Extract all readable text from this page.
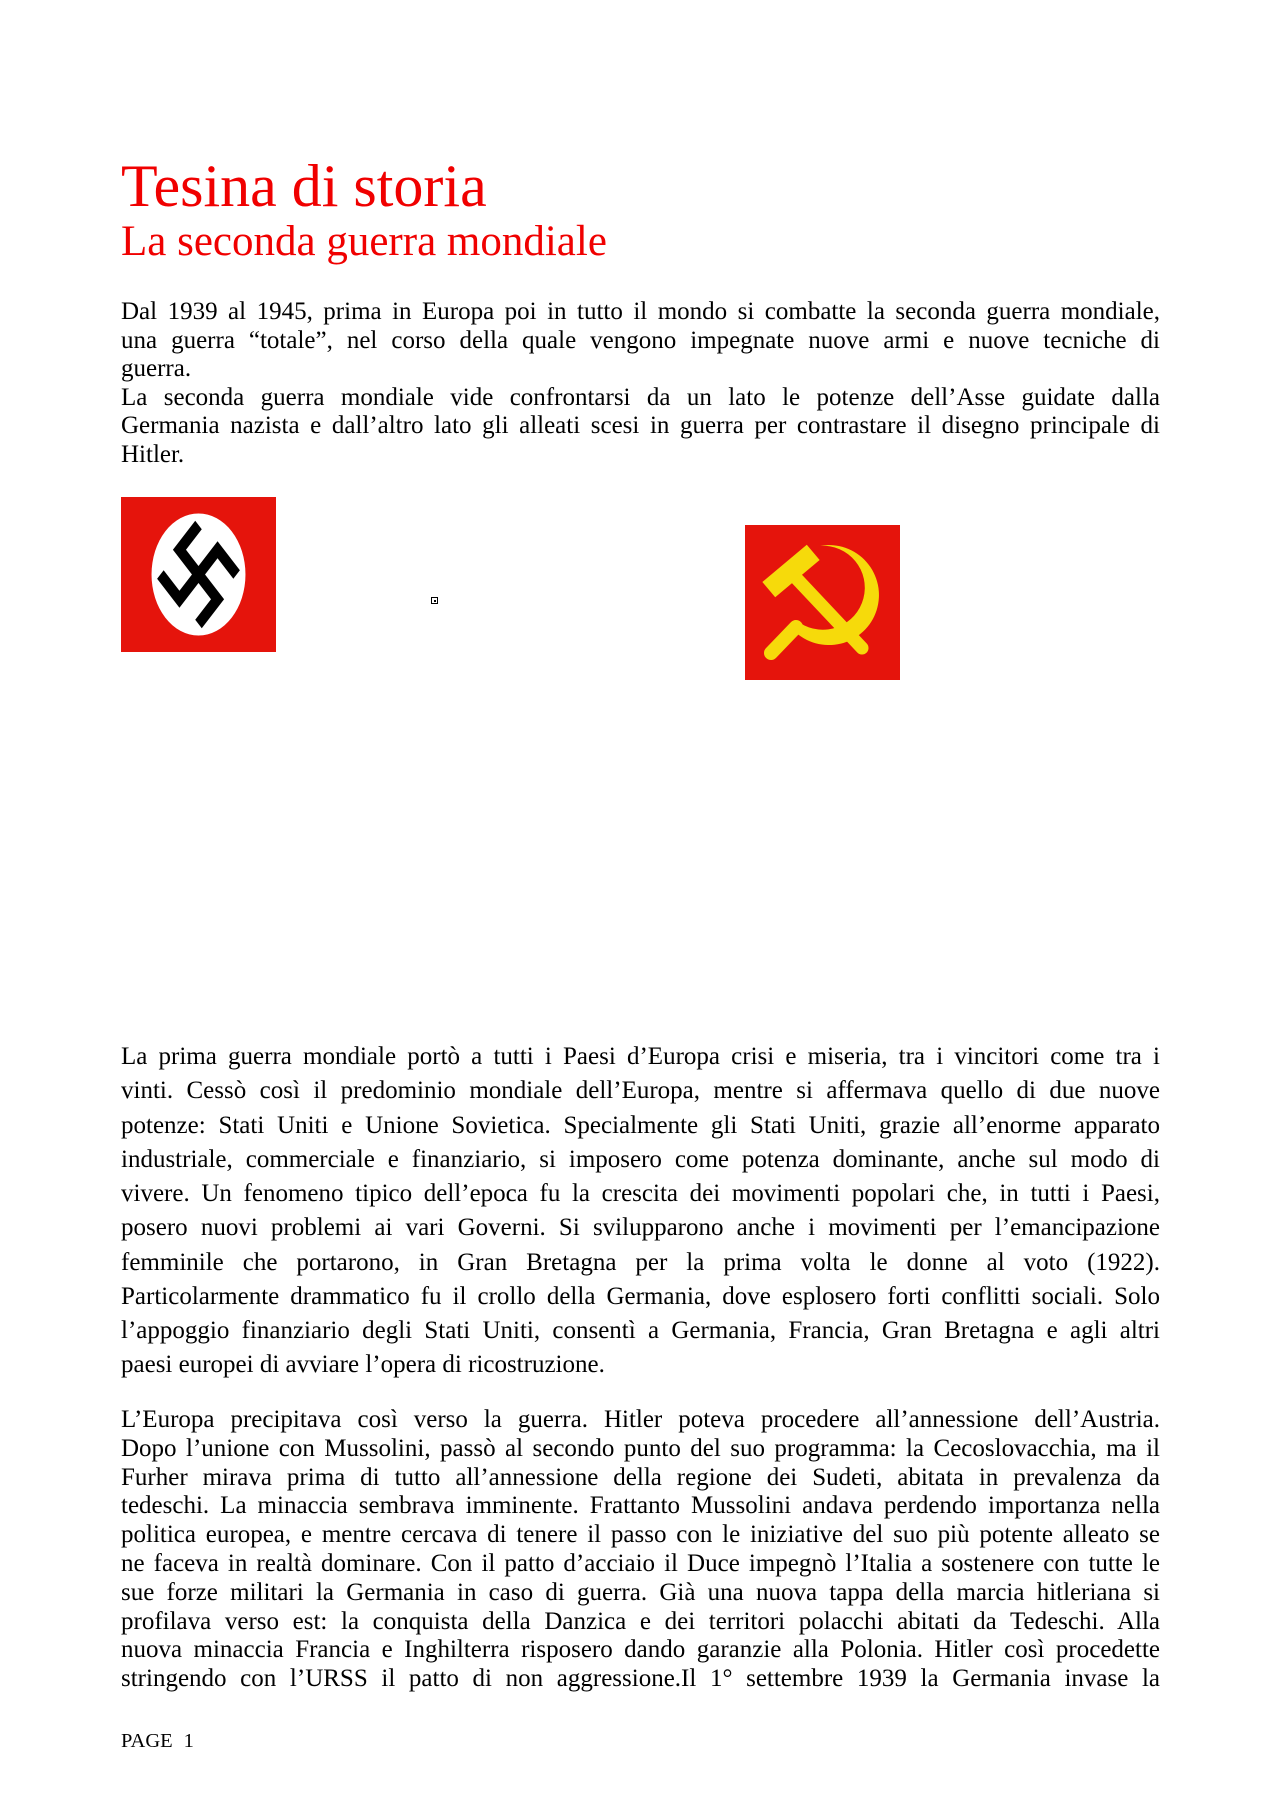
Tesina di storia
La seconda guerra mondiale
Dal 1939 al 1945, prima in Europa poi in tutto il mondo si combatte la seconda guerra mondiale,
una guerra “totale”, nel corso della quale vengono impegnate nuove armi e nuove tecniche di
guerra.
La seconda guerra mondiale vide confrontarsi da un lato le potenze dell’Asse guidate dalla
Germania nazista e dall’altro lato gli alleati scesi in guerra per contrastare il disegno principale di
Hitler.
La prima guerra mondiale portò a tutti i Paesi d’Europa crisi e miseria, tra i vincitori come tra i
vinti. Cessò così il predominio mondiale dell’Europa, mentre si affermava quello di due nuove
potenze: Stati Uniti e Unione Sovietica. Specialmente gli Stati Uniti, grazie all’enorme apparato
industriale, commerciale e finanziario, si imposero come potenza dominante, anche sul modo di
vivere. Un fenomeno tipico dell’epoca fu la crescita dei movimenti popolari che, in tutti i Paesi,
posero nuovi problemi ai vari Governi. Si svilupparono anche i movimenti per l’emancipazione
femminile che portarono, in Gran Bretagna per la prima volta le donne al voto (1922).
Particolarmente drammatico fu il crollo della Germania, dove esplosero forti conflitti sociali. Solo
l’appoggio finanziario degli Stati Uniti, consentì a Germania, Francia, Gran Bretagna e agli altri
paesi europei di avviare l’opera di ricostruzione.
L’Europa precipitava così verso la guerra. Hitler poteva procedere all’annessione dell’Austria.
Dopo l’unione con Mussolini, passò al secondo punto del suo programma: la Cecoslovacchia, ma il
Furher mirava prima di tutto all’annessione della regione dei Sudeti, abitata in prevalenza da
tedeschi. La minaccia sembrava imminente. Frattanto Mussolini andava perdendo importanza nella
politica europea, e mentre cercava di tenere il passo con le iniziative del suo più potente alleato se
ne faceva in realtà dominare. Con il patto d’acciaio il Duce impegnò l’Italia a sostenere con tutte le
sue forze militari la Germania in caso di guerra. Già una nuova tappa della marcia hitleriana si
profilava verso est: la conquista della Danzica e dei territori polacchi abitati da Tedeschi. Alla
nuova minaccia Francia e Inghilterra risposero dando garanzie alla Polonia. Hitler così procedette
stringendo con l’URSS il patto di non aggressione.Il 1° settembre 1939 la Germania invase la
PAGE 1
